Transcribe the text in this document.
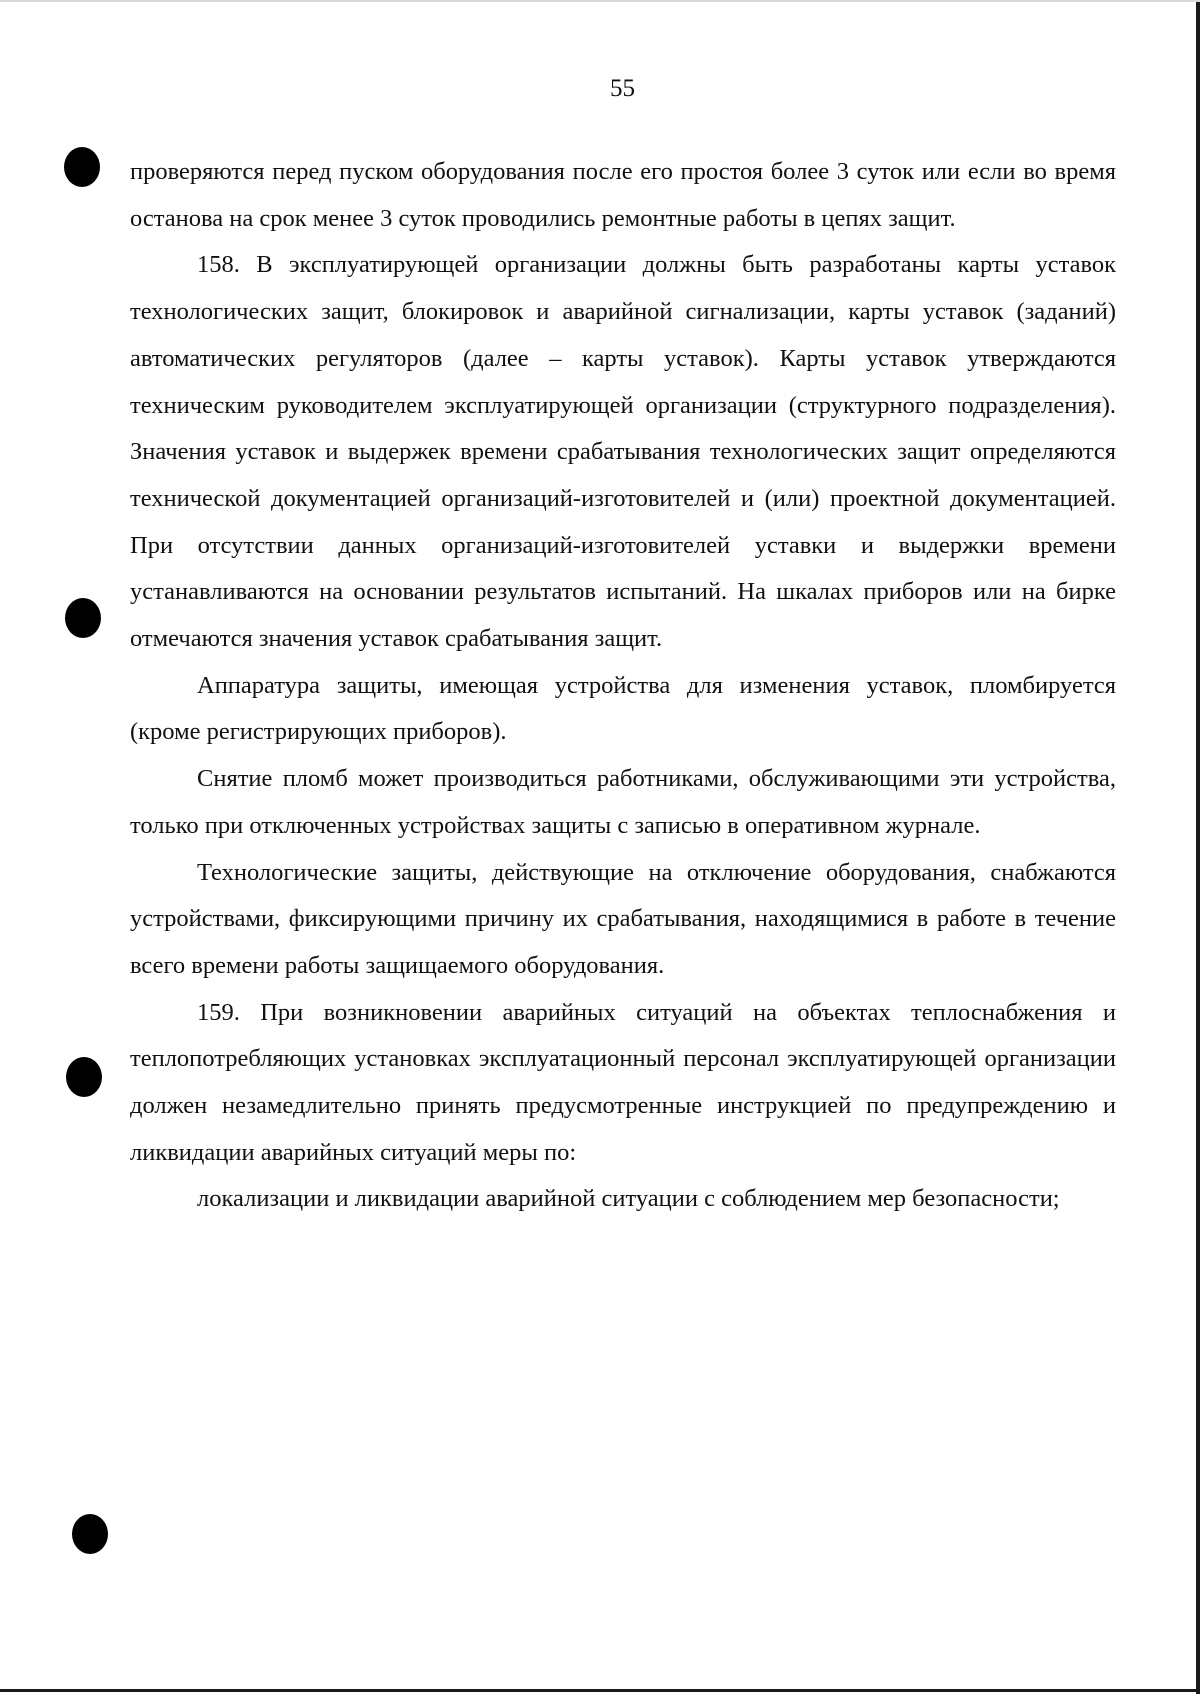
55

проверяются перед пуском оборудования после его простоя более 3 суток или если во время останова на срок менее 3 суток проводились ремонтные работы в цепях защит.

158. В эксплуатирующей организации должны быть разработаны карты уставок технологических защит, блокировок и аварийной сигнализации, карты уставок (заданий) автоматических регуляторов (далее – карты уставок). Карты уставок утверждаются техническим руководителем эксплуатирующей организации (структурного подразделения). Значения уставок и выдержек времени срабатывания технологических защит определяются технической документацией организаций-изготовителей и (или) проектной документацией. При отсутствии данных организаций-изготовителей уставки и выдержки времени устанавливаются на основании результатов испытаний. На шкалах приборов или на бирке отмечаются значения уставок срабатывания защит.

Аппаратура защиты, имеющая устройства для изменения уставок, пломбируется (кроме регистрирующих приборов).

Снятие пломб может производиться работниками, обслуживающими эти устройства, только при отключенных устройствах защиты с записью в оперативном журнале.

Технологические защиты, действующие на отключение оборудования, снабжаются устройствами, фиксирующими причину их срабатывания, находящимися в работе в течение всего времени работы защищаемого оборудования.

159. При возникновении аварийных ситуаций на объектах теплоснабжения и теплопотребляющих установках эксплуатационный персонал эксплуатирующей организации должен незамедлительно принять предусмотренные инструкцией по предупреждению и ликвидации аварийных ситуаций меры по:

локализации и ликвидации аварийной ситуации с соблюдением мер безопасности;
